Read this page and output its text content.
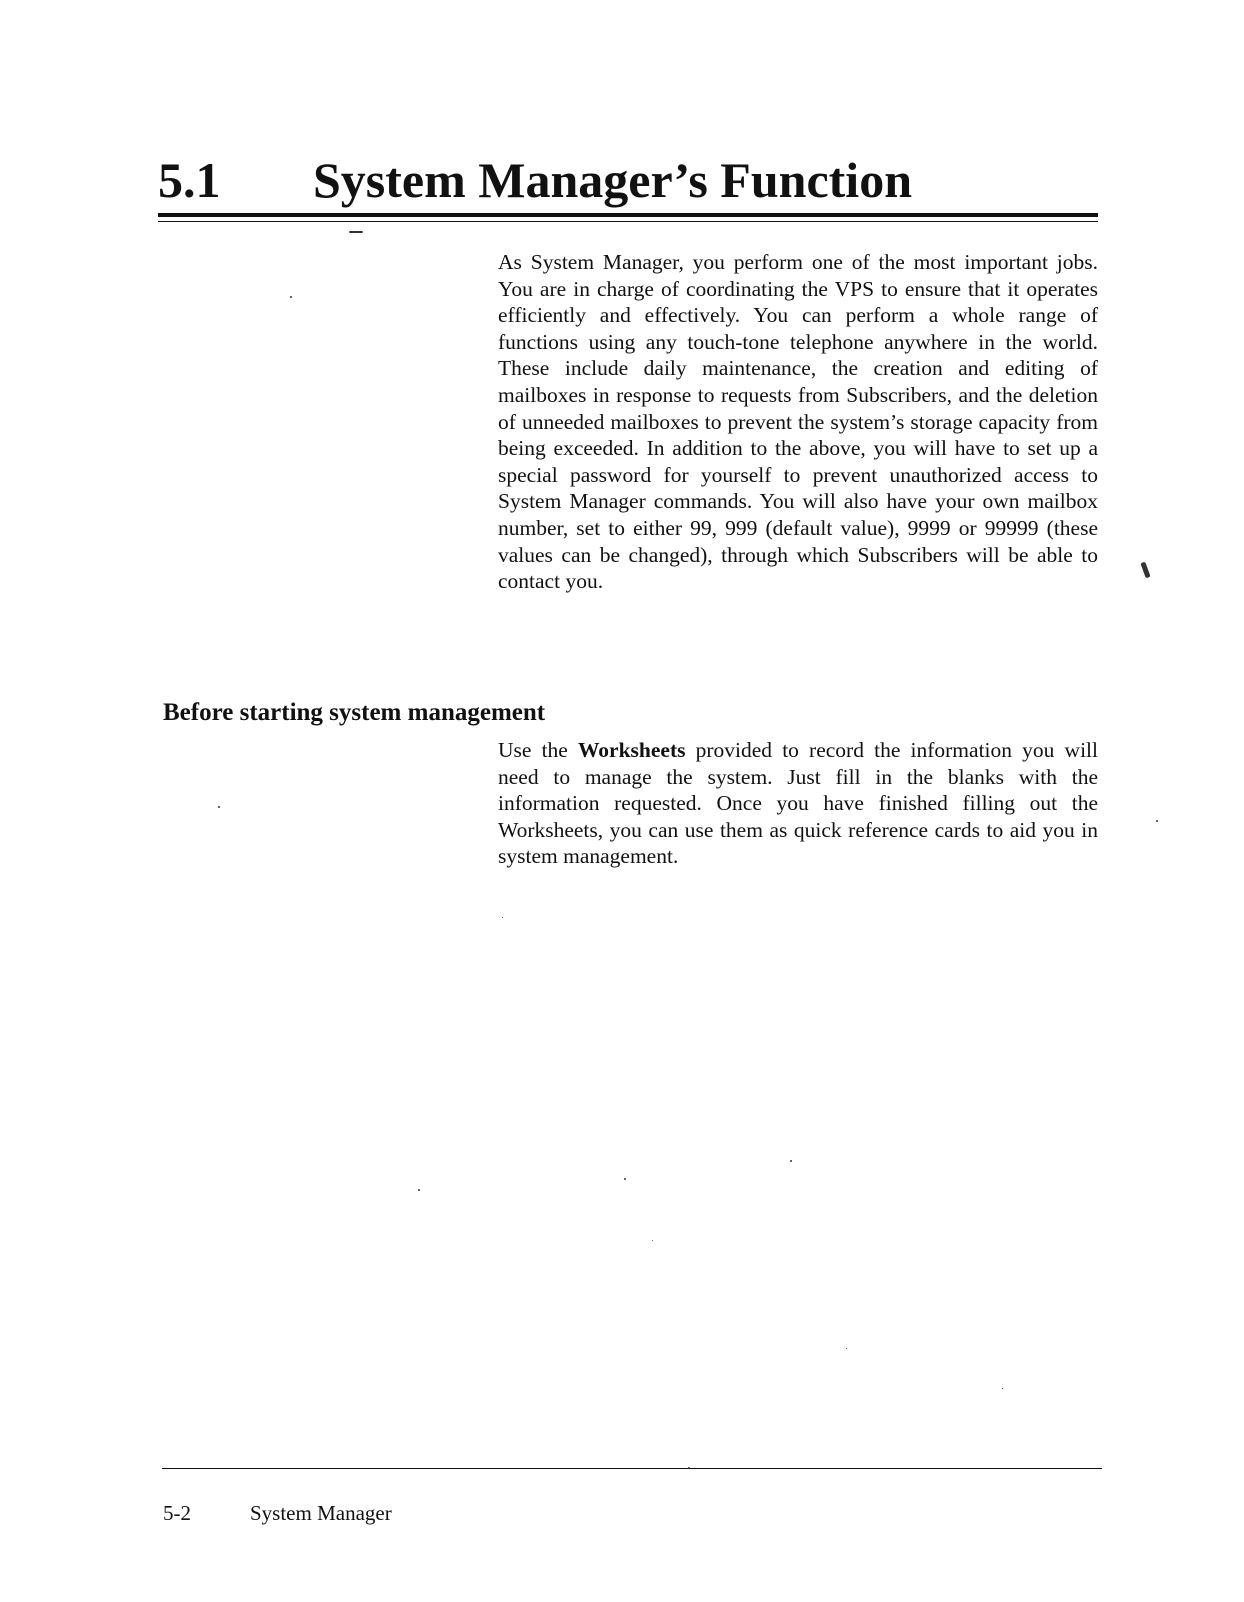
5.1 System Manager’s Function

As System Manager, you perform one of the most important jobs. You are in charge of coordinating the VPS to ensure that it operates efficiently and effectively. You can perform a whole range of functions using any touch-tone telephone anywhere in the world. These include daily maintenance, the creation and editing of mailboxes in response to requests from Subscribers, and the deletion of unneeded mailboxes to prevent the system’s storage capacity from being exceeded. In addition to the above, you will have to set up a special password for yourself to prevent unauthorized access to System Manager commands. You will also have your own mailbox number, set to either 99, 999 (default value), 9999 or 99999 (these values can be changed), through which Subscribers will be able to contact you.

Before starting system management

Use the Worksheets provided to record the information you will need to manage the system. Just fill in the blanks with the information requested. Once you have finished filling out the Worksheets, you can use them as quick reference cards to aid you in system management.

5-2	System Manager
